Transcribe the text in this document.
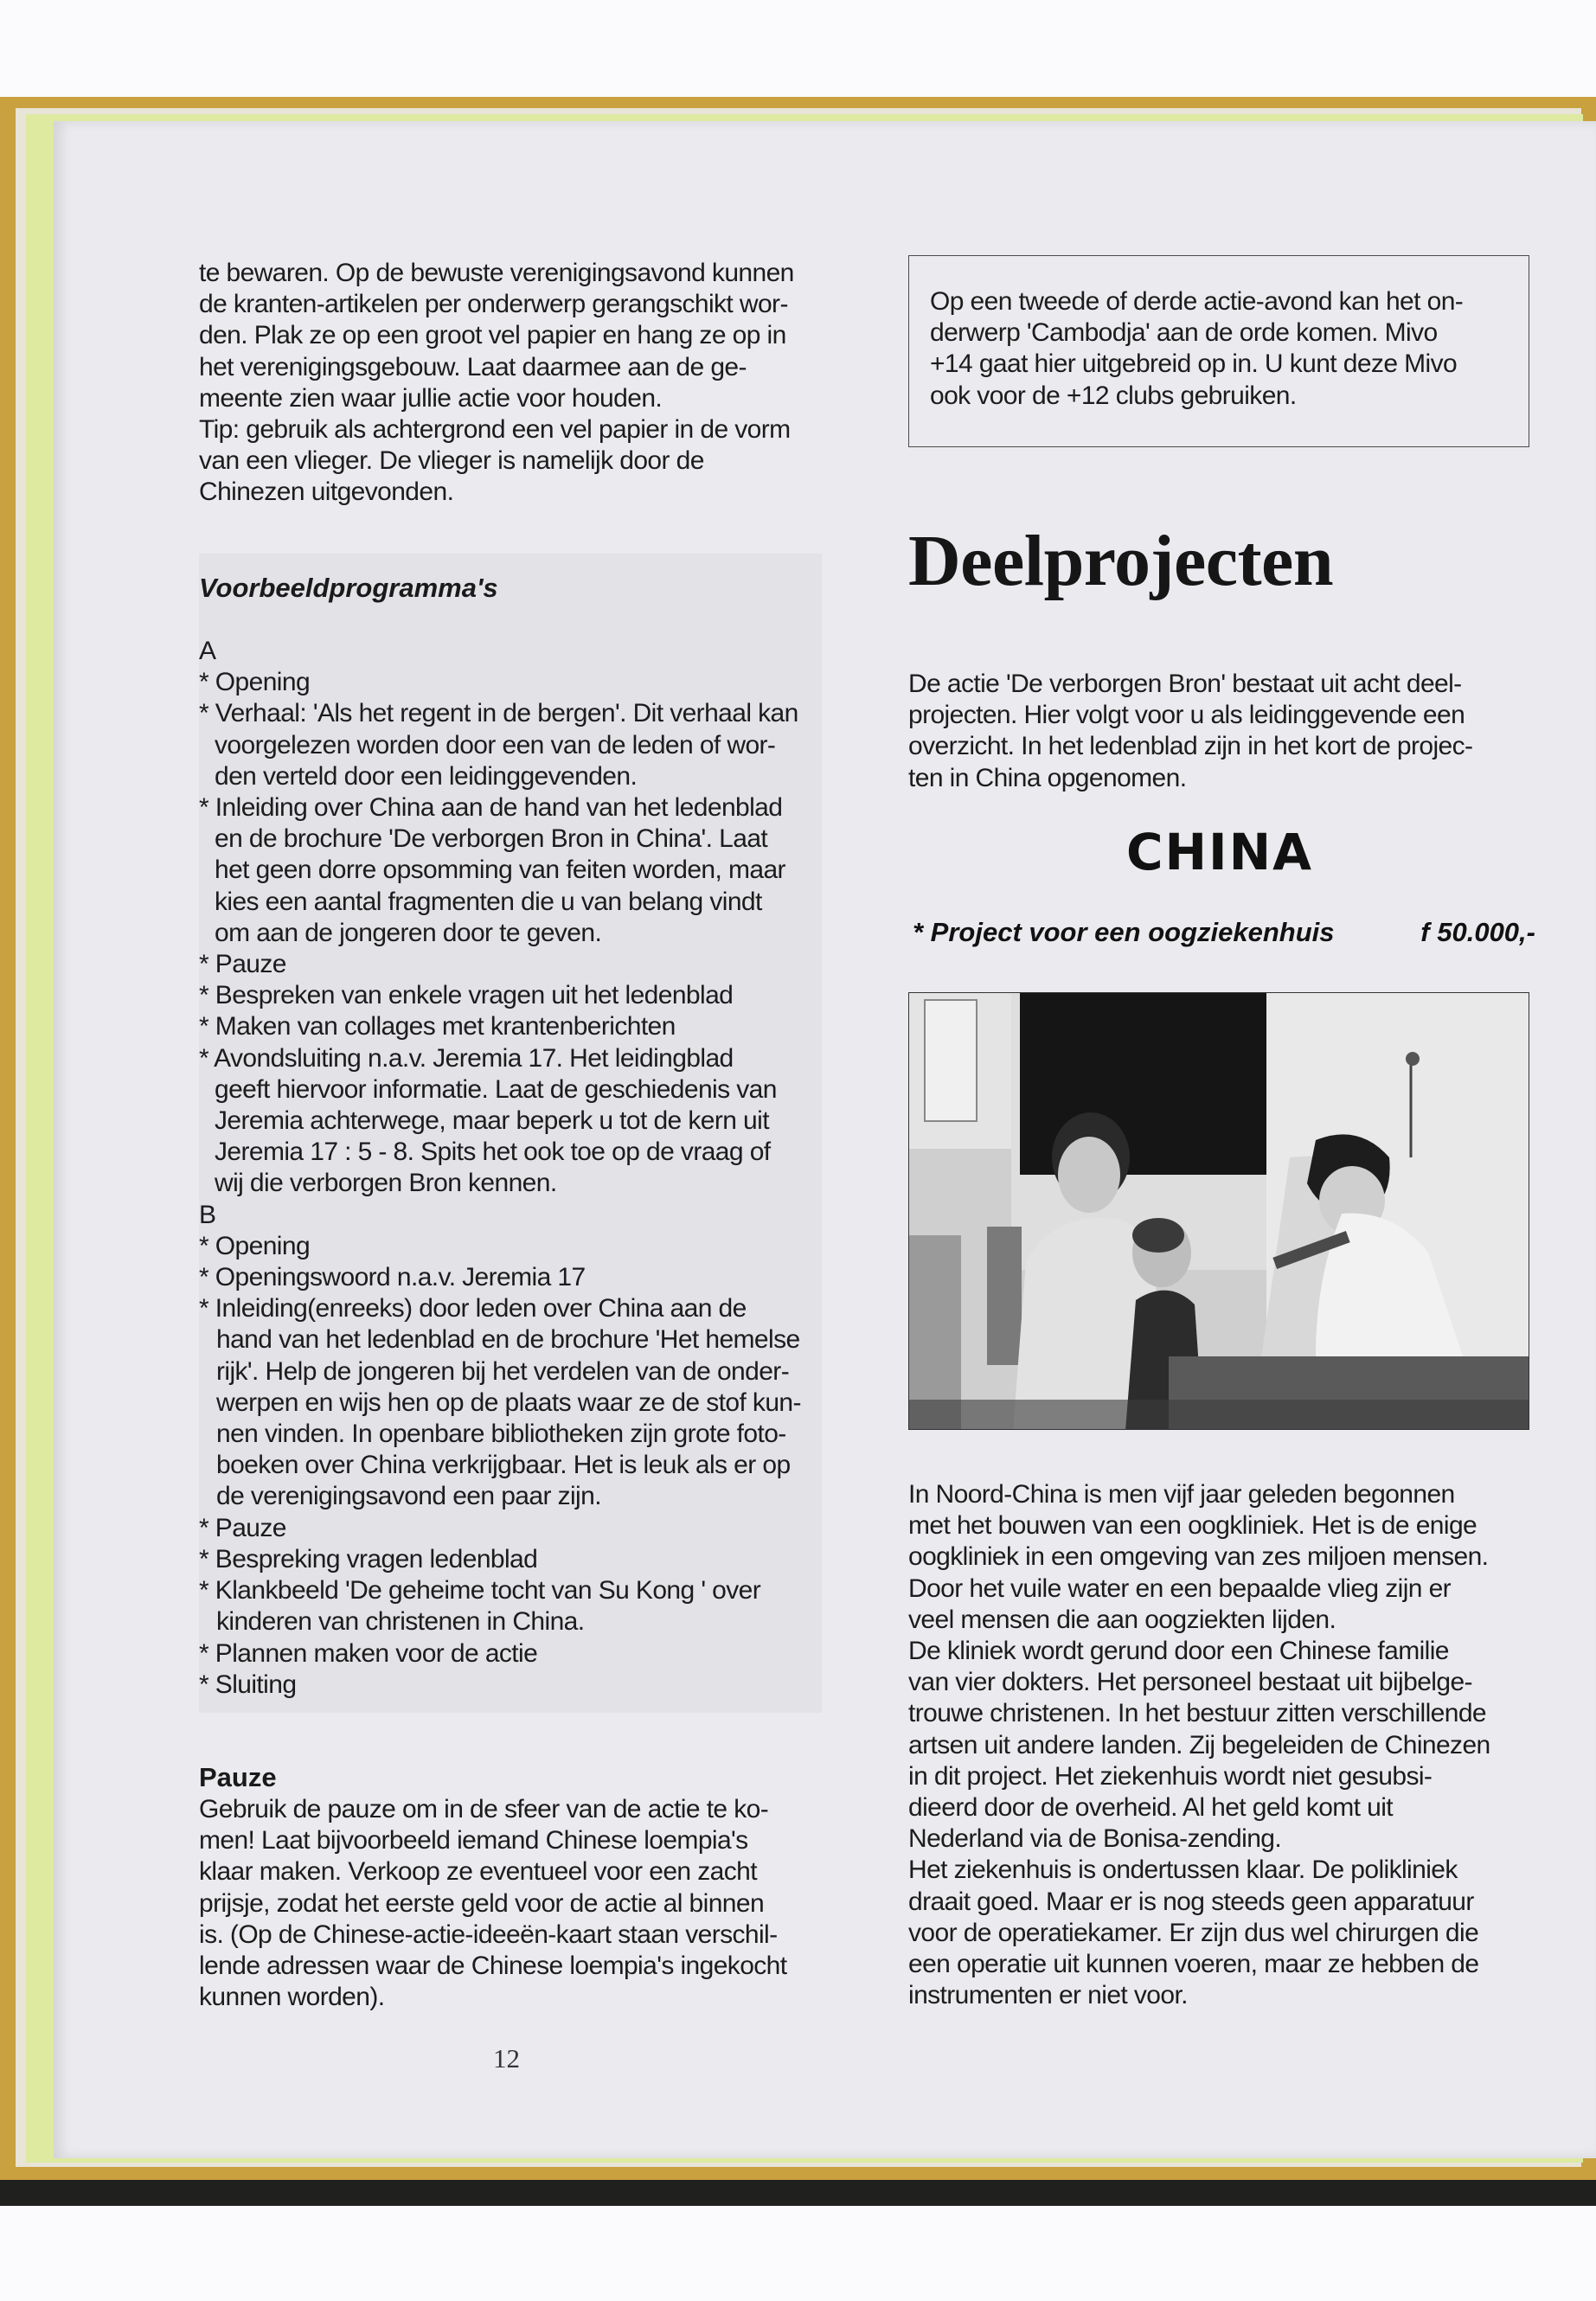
te bewaren. Op de bewuste verenigingsavond kunnen

de kranten-artikelen per onderwerp gerangschikt wor-

den. Plak ze op een groot vel papier en hang ze op in

het verenigingsgebouw. Laat daarmee aan de ge-

meente zien waar jullie actie voor houden.

Tip: gebruik als achtergrond een vel papier in de vorm

van een vlieger. De vlieger is namelijk door de

Chinezen uitgevonden.

Voorbeeldprogramma's

A

* Opening

* Verhaal: 'Als het regent in de bergen'. Dit verhaal kan

voorgelezen worden door een van de leden of wor-

den verteld door een leidinggevenden.

* Inleiding over China aan de hand van het ledenblad

en de brochure 'De verborgen Bron in China'. Laat

het geen dorre opsomming van feiten worden, maar

kies een aantal fragmenten die u van belang vindt

om aan de jongeren door te geven.

* Pauze

* Bespreken van enkele vragen uit het ledenblad

* Maken van collages met krantenberichten

* Avondsluiting n.a.v. Jeremia 17. Het leidingblad

geeft hiervoor informatie. Laat de geschiedenis van

Jeremia achterwege, maar beperk u tot de kern uit

Jeremia 17 : 5 - 8. Spits het ook toe op de vraag of

wij die verborgen Bron kennen.

B

* Opening

* Openingswoord n.a.v. Jeremia 17

* Inleiding(enreeks) door leden over China aan de

hand van het ledenblad en de brochure 'Het hemelse

rijk'. Help de jongeren bij het verdelen van de onder-

werpen en wijs hen op de plaats waar ze de stof kun-

nen vinden. In openbare bibliotheken zijn grote foto-

boeken over China verkrijgbaar. Het is leuk als er op

de verenigingsavond een paar zijn.

* Pauze

* Bespreking vragen ledenblad

* Klankbeeld 'De geheime tocht van Su Kong ' over

kinderen van christenen in China.

* Plannen maken voor de actie

* Sluiting

Pauze

Gebruik de pauze om in de sfeer van de actie te ko-

men! Laat bijvoorbeeld iemand Chinese loempia's

klaar maken. Verkoop ze eventueel voor een zacht

prijsje, zodat het eerste geld voor de actie al binnen

is. (Op de Chinese-actie-ideeën-kaart staan verschil-

lende adressen waar de Chinese loempia's ingekocht

kunnen worden).

12

Op een tweede of derde actie-avond kan het on-

derwerp 'Cambodja' aan de orde komen. Mivo

+14 gaat hier uitgebreid op in. U kunt deze Mivo

ook voor de +12 clubs gebruiken.

Deelprojecten

De actie 'De verborgen Bron' bestaat uit acht deel-

projecten. Hier volgt voor u als leidinggevende een

overzicht. In het ledenblad zijn in het kort de projec-

ten in China opgenomen.

CHINA
* Project voor een oogziekenhuis	f 50.000,-

In Noord-China is men vijf jaar geleden begonnen

met het bouwen van een oogkliniek. Het is de enige

oogkliniek in een omgeving van zes miljoen mensen.

Door het vuile water en een bepaalde vlieg zijn er

veel mensen die aan oogziekten lijden.

De kliniek wordt gerund door een Chinese familie

van vier dokters. Het personeel bestaat uit bijbelge-

trouwe christenen. In het bestuur zitten verschillende

artsen uit andere landen. Zij begeleiden de Chinezen

in dit project. Het ziekenhuis wordt niet gesubsi-

dieerd door de overheid. Al het geld komt uit

Nederland via de Bonisa-zending.

Het ziekenhuis is ondertussen klaar. De polikliniek

draait goed. Maar er is nog steeds geen apparatuur

voor de operatiekamer. Er zijn dus wel chirurgen die

een operatie uit kunnen voeren, maar ze hebben de

instrumenten er niet voor.
